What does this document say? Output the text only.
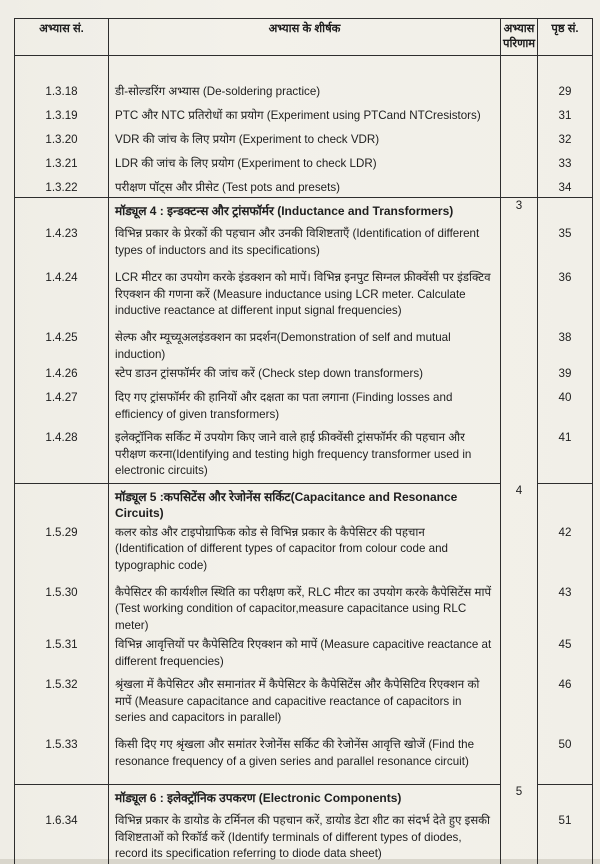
अभ्यास सं.	अभ्यास के शीर्षक	अभ्यास परिणाम	पृष्ठ सं.

1.3.18	डी-सोल्डरिंग अभ्यास (De-soldering practice)		29
1.3.19	PTC और NTC प्रतिरोधों का प्रयोग (Experiment using PTCand NTCresistors)		31
1.3.20	VDR की जांच के लिए प्रयोग (Experiment to check VDR)		32
1.3.21	LDR की जांच के लिए प्रयोग (Experiment to check LDR)		33
1.3.22	परीक्षण पॉट्स और प्रीसेट (Test pots and presets)		34
	मॉड्यूल 4 : इन्डक्टन्स और ट्रांसफॉर्मर (Inductance and Transformers)	3	
1.4.23	विभिन्न प्रकार के प्रेरकों की पहचान और उनकी विशिष्टताएँ (Identification of different types of inductors and its specifications)		35
1.4.24	LCR मीटर का उपयोग करके इंडक्शन को मापें। विभिन्न इनपुट सिग्नल फ्रीक्वेंसी पर इंडक्टिव रिएक्शन की गणना करें (Measure inductance using LCR meter. Calculate inductive reactance at different input signal frequencies)		36
1.4.25	सेल्फ और म्यूच्यूअलइंडक्शन का प्रदर्शन(Demonstration of self and mutual induction)		38
1.4.26	स्टेप डाउन ट्रांसफॉर्मर की जांच करें (Check step down transformers)		39
1.4.27	दिए गए ट्रांसफॉर्मर की हानियों और दक्षता का पता लगाना (Finding losses and efficiency of given transformers)		40
1.4.28	इलेक्ट्रॉनिक सर्किट में उपयोग किए जाने वाले हाई फ्रीक्वेंसी ट्रांसफॉर्मर की पहचान और परीक्षण करना(Identifying and testing high frequency transformer used in electronic circuits)		41
	मॉड्यूल 5 :कपसिटेंस और रेजोनेंस सर्किट(Capacitance and Resonance Circuits)	4	
1.5.29	कलर कोड और टाइपोग्राफिक कोड से विभिन्न प्रकार के कैपेसिटर की पहचान (Identification of different types of capacitor from colour code and typographic code)		42
1.5.30	कैपेसिटर की कार्यशील स्थिति का परीक्षण करें, RLC मीटर का उपयोग करके कैपेसिटेंस मापें (Test working condition of capacitor,measure capacitance using RLC meter)		43
1.5.31	विभिन्न आवृत्तियों पर कैपेसिटिव रिएक्शन को मापें (Measure capacitive reactance at different frequencies)		45
1.5.32	श्रृंखला में कैपेसिटर और समानांतर में कैपेसिटर के कैपेसिटेंस और कैपेसिटिव रिएक्शन को मापें (Measure capacitance and capacitive reactance of capacitors in series and capacitors in parallel)		46
1.5.33	किसी दिए गए श्रृंखला और समांतर रेजोनेंस सर्किट की रेजोनेंस आवृत्ति खोजें (Find the resonance frequency of a given series and parallel resonance circuit)		50
	मॉड्यूल 6 : इलेक्ट्रॉनिक उपकरण (Electronic Components)	5	
1.6.34	विभिन्न प्रकार के डायोड के टर्मिनल की पहचान करें, डायोड डेटा शीट का संदर्भ देते हुए इसकी विशिष्टताओं को रिकॉर्ड करें (Identify terminals of different types of diodes, record its specification referring to diode data sheet)		51
